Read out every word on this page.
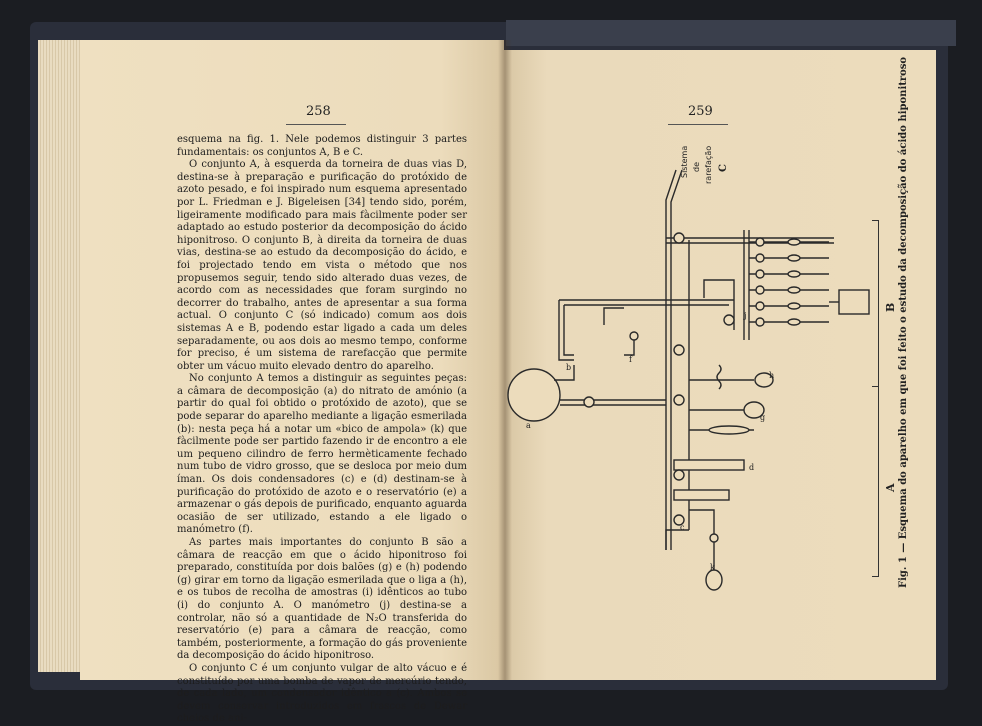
258

esquema na fig. 1. Nele podemos distinguir 3 partes fundamentais: os conjuntos A, B e C.

O conjunto A, à esquerda da torneira de duas vias D, destina-se à preparação e purificação do protóxido de azoto pesado, e foi inspirado num esquema apresentado por L. Friedman e J. Bigeleisen [34] tendo sido, porém, ligeiramente modificado para mais fàcilmente poder ser adaptado ao estudo posterior da decomposição do ácido hiponitroso. O conjunto B, à direita da torneira de duas vias, destina-se ao estudo da decomposição do ácido, e foi projectado tendo em vista o método que nos propusemos seguir, tendo sido alterado duas vezes, de acordo com as necessidades que foram surgindo no decorrer do trabalho, antes de apresentar a sua forma actual. O conjunto C (só indicado) comum aos dois sistemas A e B, podendo estar ligado a cada um deles separadamente, ou aos dois ao mesmo tempo, conforme for preciso, é um sistema de rarefacção que permite obter um vácuo muito elevado dentro do aparelho.

No conjunto A temos a distinguir as seguintes peças: a câmara de decomposição (a) do nitrato de amónio (a partir do qual foi obtido o protóxido de azoto), que se pode separar do aparelho mediante a ligação esmerilada (b): nesta peça há a notar um «bico de ampola» (k) que fàcilmente pode ser partido fazendo ir de encontro a ele um pequeno cilindro de ferro hermèticamente fechado num tubo de vidro grosso, que se desloca por meio dum íman. Os dois condensadores (c) e (d) destinam-se à purificação do protóxido de azoto e o reservatório (e) a armazenar o gás depois de purificado, enquanto aguarda ocasião de ser utilizado, estando a ele ligado o manómetro (f).

As partes mais importantes do conjunto B são a câmara de reacção em que o ácido hiponitroso foi preparado, constituída por dois balões (g) e (h) podendo (g) girar em torno da ligação esmerilada que o liga a (h), e os tubos de recolha de amostras (i) idênticos ao tubo (i) do conjunto A. O manómetro (j) destina-se a controlar, não só a quantidade de N₂O transferida do reservatório (e) para a câmara de reacção, como também, posteriormente, a formação do gás proveniente da decomposição do ácido hiponitroso.

O conjunto C é um conjunto vulgar de alto vácuo e é constituído por uma bomba de vapor de mercúrio tendo, de cada lado, um condensador idêntico a (c). Ambos se devem conservar introduzidos em frascos de Dewar cheios de ani-

259
Sistema de rarefação C
a
j
h
g
k
f
d
c
b
B
A Fig. 1 — Esquema do aparelho em que foi feito o estudo da decomposição do ácido hiponitroso
